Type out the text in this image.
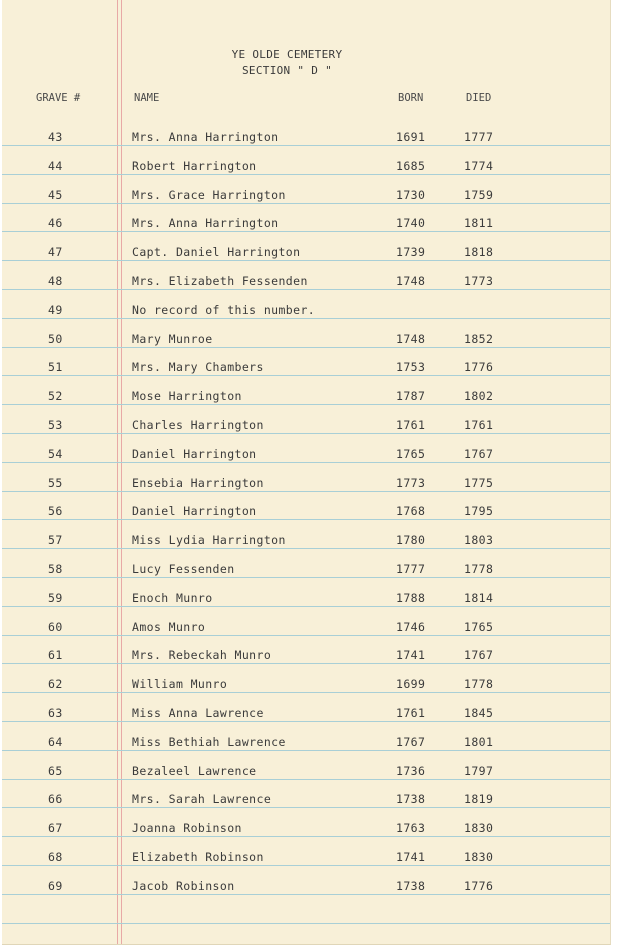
YE OLDE CEMETERY
SECTION " D "
GRAVE #	NAME	BORN	DIED
43	Mrs. Anna Harrington	1691	1777
44	Robert Harrington	1685	1774
45	Mrs. Grace Harrington	1730	1759
46	Mrs. Anna Harrington	1740	1811
47	Capt. Daniel Harrington	1739	1818
48	Mrs. Elizabeth Fessenden	1748	1773
49	No record of this number.
50	Mary Munroe	1748	1852
51	Mrs. Mary Chambers	1753	1776
52	Mose Harrington	1787	1802
53	Charles Harrington	1761	1761
54	Daniel Harrington	1765	1767
55	Ensebia Harrington	1773	1775
56	Daniel Harrington	1768	1795
57	Miss Lydia Harrington	1780	1803
58	Lucy Fessenden	1777	1778
59	Enoch Munro	1788	1814
60	Amos Munro	1746	1765
61	Mrs. Rebeckah Munro	1741	1767
62	William Munro	1699	1778
63	Miss Anna Lawrence	1761	1845
64	Miss Bethiah Lawrence	1767	1801
65	Bezaleel Lawrence	1736	1797
66	Mrs. Sarah Lawrence	1738	1819
67	Joanna Robinson	1763	1830
68	Elizabeth Robinson	1741	1830
69	Jacob Robinson	1738	1776
